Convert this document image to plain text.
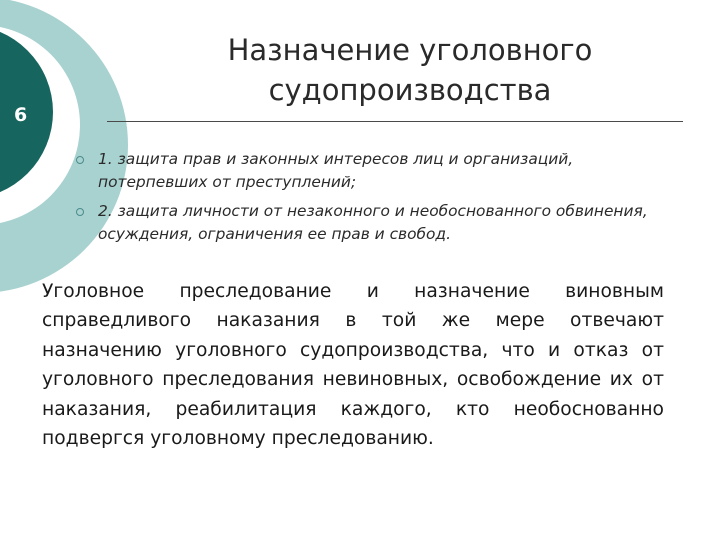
6
Назначение уголовного судопроизводства
1. защита прав и законных интересов лиц и организаций, потерпевших от преступлений;
2. защита личности от незаконного и необоснованного обвинения, осуждения, ограничения ее прав и свобод.
Уголовное преследование и назначение виновным справедливого наказания в той же мере отвечают назначению уголовного судопроизводства, что и отказ от уголовного преследования невиновных, освобождение их от наказания, реабилитация каждого, кто необоснованно подвергся уголовному преследованию.
